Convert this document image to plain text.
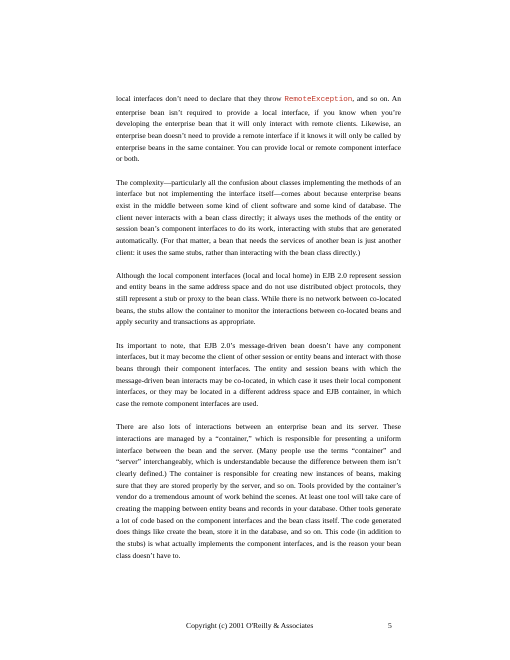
local interfaces don’t need to declare that they throw RemoteException, and so on. An enterprise bean isn’t required to provide a local interface, if you know when you’re developing the enterprise bean that it will only interact with remote clients. Likewise, an enterprise bean doesn’t need to provide a remote interface if it knows it will only be called by enterprise beans in the same container. You can provide local or remote component interface or both.

The complexity—particularly all the confusion about classes implementing the methods of an interface but not implementing the interface itself—comes about because enterprise beans exist in the middle between some kind of client software and some kind of database. The client never interacts with a bean class directly; it always uses the methods of the entity or session bean’s component interfaces to do its work, interacting with stubs that are generated automatically. (For that matter, a bean that needs the services of another bean is just another client: it uses the same stubs, rather than interacting with the bean class directly.)

Although the local component interfaces (local and local home) in EJB 2.0 represent session and entity beans in the same address space and do not use distributed object protocols, they still represent a stub or proxy to the bean class. While there is no network between co-located beans, the stubs allow the container to monitor the interactions between co-located beans and apply security and transactions as appropriate.

Its important to note, that EJB 2.0’s message-driven bean doesn’t have any component interfaces, but it may become the client of other session or entity beans and interact with those beans through their component interfaces. The entity and session beans with which the message-driven bean interacts may be co-located, in which case it uses their local component interfaces, or they may be located in a different address space and EJB container, in which case the remote component interfaces are used.

There are also lots of interactions between an enterprise bean and its server. These interactions are managed by a “container,” which is responsible for presenting a uniform interface between the bean and the server. (Many people use the terms “container” and “server” interchangeably, which is understandable because the difference between them isn’t clearly defined.) The container is responsible for creating new instances of beans, making sure that they are stored properly by the server, and so on. Tools provided by the container’s vendor do a tremendous amount of work behind the scenes. At least one tool will take care of creating the mapping between entity beans and records in your database. Other tools generate a lot of code based on the component interfaces and the bean class itself. The code generated does things like create the bean, store it in the database, and so on. This code (in addition to the stubs) is what actually implements the component interfaces, and is the reason your bean class doesn’t have to.

Copyright (c) 2001 O'Reilly & Associates	5
